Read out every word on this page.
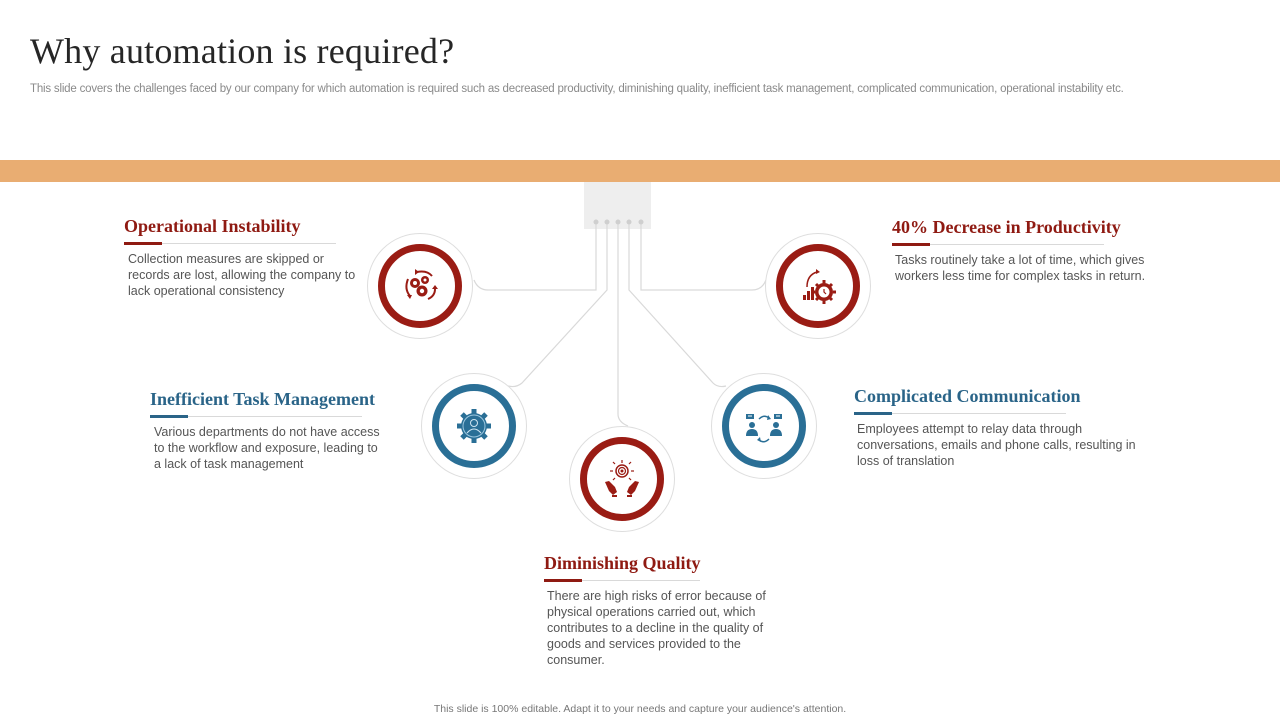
Why automation is required?
This slide covers the challenges faced by our company for which automation is required such as decreased productivity, diminishing quality, inefficient task management, complicated communication, operational instability etc.
Operational Instability

Collection measures are skipped or records are lost, allowing the company to lack operational consistency

40% Decrease in Productivity

Tasks routinely take a lot of time, which gives workers less time for complex tasks in return.

Inefficient Task Management

Various departments do not have access to the workflow and exposure, leading to a lack of task management

Complicated Communication

Employees attempt to relay data through conversations, emails and phone calls, resulting in loss of translation

Diminishing Quality

There are high risks of error because of physical operations carried out, which contributes to a decline in the quality of goods and services provided to the consumer.

This slide is 100% editable. Adapt it to your needs and capture your audience's attention.
